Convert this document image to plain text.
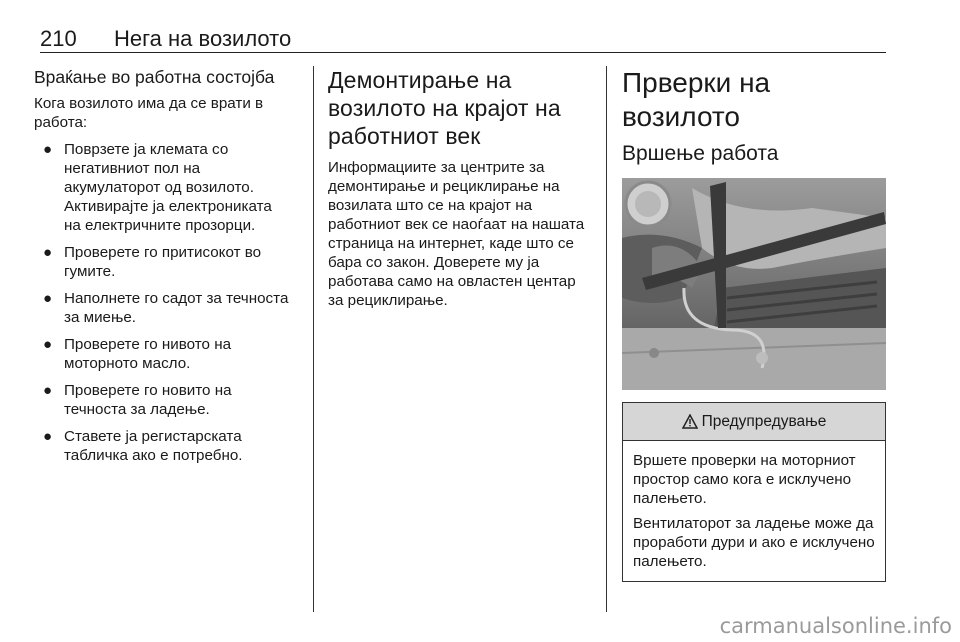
210 Нега на возилото
Враќање во работна состојба

Кога возилото има да се врати в работа:

● Поврзете ја клемата со негативниот пол на акумулаторот од возилото. Активирајте ја електрониката на електричните прозорци.
● Проверете го притисокот во гумите.
● Наполнете го садот за течноста за миење.
● Проверете го нивото на моторното масло.
● Проверете го новито на течноста за ладење.
● Ставете ја регистарската табличка ако е потребно.
Демонтирање на возилото на крајот на работниот век

Информациите за центрите за демонтирање и рециклирање на возилата што се на крајот на работниот век се наоѓаат на нашата страница на интернет, каде што се бара со закон. Доверете му ја работава само на овластен центар за рециклирање.

Прверки на возилото
Вршење работа
Предупредување

Вршете проверки на моторниот простор само кога е исклучено палењето.

Вентилаторот за ладење може да проработи дури и ако е исклучено палењето.

carmanualsonline.info
